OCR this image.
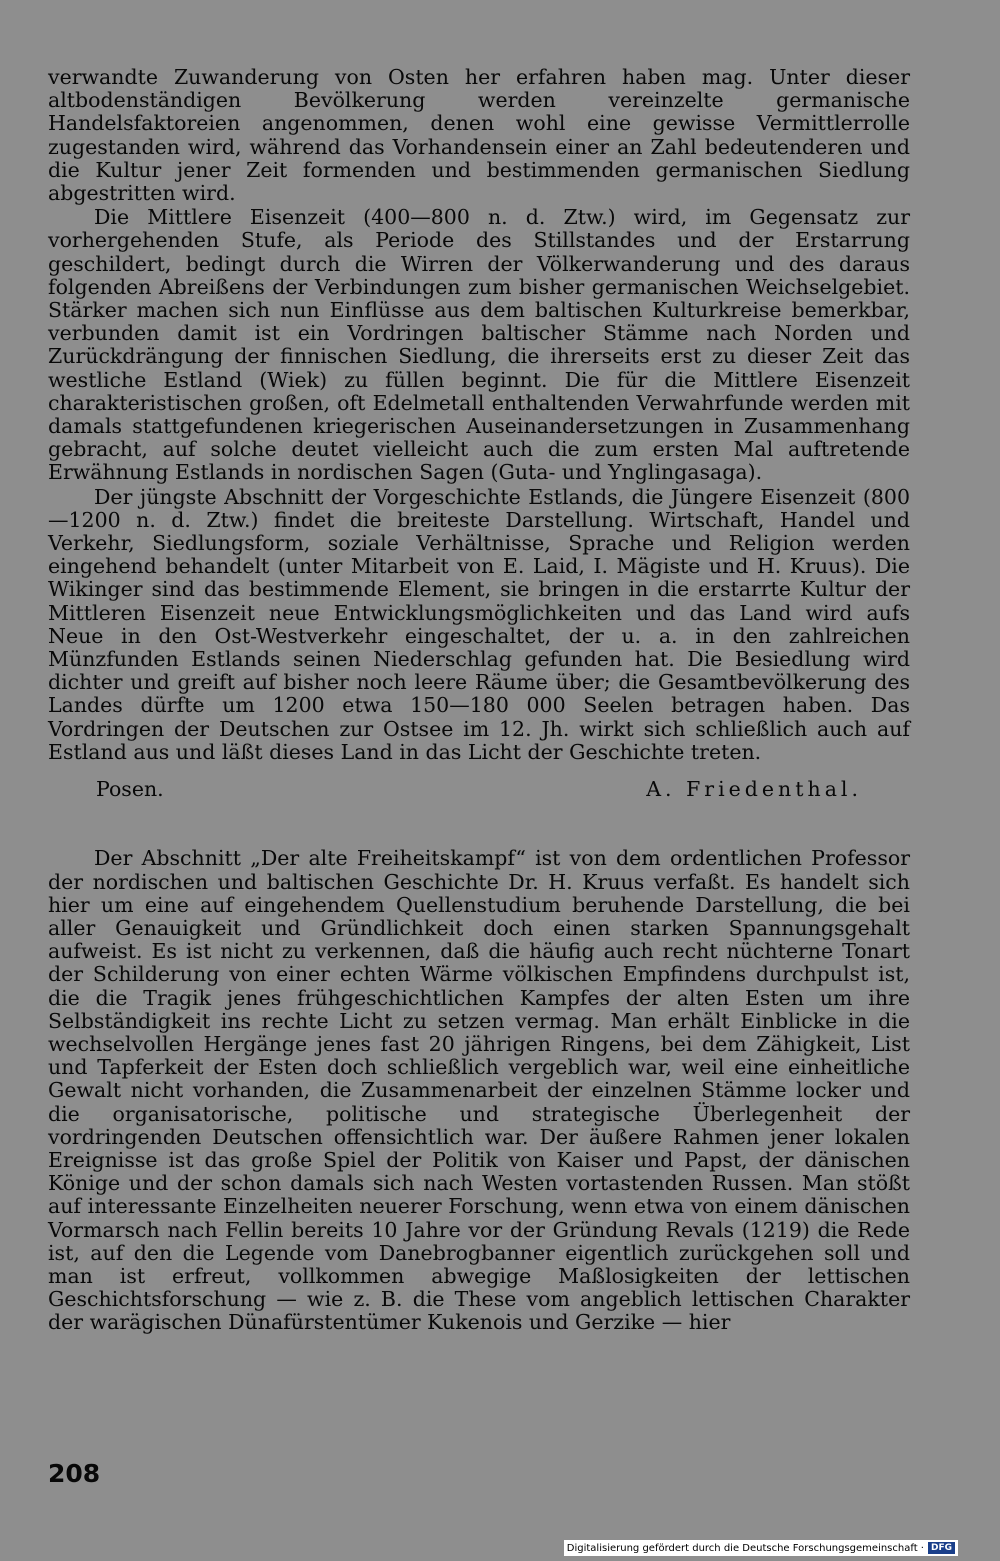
verwandte Zuwanderung von Osten her erfahren haben mag. Unter dieser altbodenständigen Bevölkerung werden vereinzelte germanische Handelsfaktoreien angenommen, denen wohl eine gewisse Vermittlerrolle zugestanden wird, während das Vorhandensein einer an Zahl bedeutenderen und die Kultur jener Zeit formenden und bestimmenden germanischen Siedlung abgestritten wird.

Die Mittlere Eisenzeit (400—800 n. d. Ztw.) wird, im Gegensatz zur vorhergehenden Stufe, als Periode des Stillstandes und der Erstarrung geschildert, bedingt durch die Wirren der Völkerwanderung und des daraus folgenden Abreißens der Verbindungen zum bisher germanischen Weichselgebiet. Stärker machen sich nun Einflüsse aus dem baltischen Kulturkreise bemerkbar, verbunden damit ist ein Vordringen baltischer Stämme nach Norden und Zurückdrängung der finnischen Siedlung, die ihrerseits erst zu dieser Zeit das westliche Estland (Wiek) zu füllen beginnt. Die für die Mittlere Eisenzeit charakteristischen großen, oft Edelmetall enthaltenden Verwahrfunde werden mit damals stattgefundenen kriegerischen Auseinandersetzungen in Zusammenhang gebracht, auf solche deutet vielleicht auch die zum ersten Mal auftretende Erwähnung Estlands in nordischen Sagen (Guta- und Ynglingasaga).

Der jüngste Abschnitt der Vorgeschichte Estlands, die Jüngere Eisenzeit (800—1200 n. d. Ztw.) findet die breiteste Darstellung. Wirtschaft, Handel und Verkehr, Siedlungsform, soziale Verhältnisse, Sprache und Religion werden eingehend behandelt (unter Mitarbeit von E. Laid, I. Mägiste und H. Kruus). Die Wikinger sind das bestimmende Element, sie bringen in die erstarrte Kultur der Mittleren Eisenzeit neue Entwicklungsmöglichkeiten und das Land wird aufs Neue in den Ost-Westverkehr eingeschaltet, der u. a. in den zahlreichen Münzfunden Estlands seinen Niederschlag gefunden hat. Die Besiedlung wird dichter und greift auf bisher noch leere Räume über; die Gesamtbevölkerung des Landes dürfte um 1200 etwa 150—180 000 Seelen betragen haben. Das Vordringen der Deutschen zur Ostsee im 12. Jh. wirkt sich schließlich auch auf Estland aus und läßt dieses Land in das Licht der Geschichte treten.

Posen.	A. Friedenthal.

Der Abschnitt „Der alte Freiheitskampf“ ist von dem ordentlichen Professor der nordischen und baltischen Geschichte Dr. H. Kruus verfaßt. Es handelt sich hier um eine auf eingehendem Quellenstudium beruhende Darstellung, die bei aller Genauigkeit und Gründlichkeit doch einen starken Spannungsgehalt aufweist. Es ist nicht zu verkennen, daß die häufig auch recht nüchterne Tonart der Schilderung von einer echten Wärme völkischen Empfindens durchpulst ist, die die Tragik jenes frühgeschichtlichen Kampfes der alten Esten um ihre Selbständigkeit ins rechte Licht zu setzen vermag. Man erhält Einblicke in die wechselvollen Hergänge jenes fast 20 jährigen Ringens, bei dem Zähigkeit, List und Tapferkeit der Esten doch schließlich vergeblich war, weil eine einheitliche Gewalt nicht vorhanden, die Zusammenarbeit der einzelnen Stämme locker und die organisatorische, politische und strategische Überlegenheit der vordringenden Deutschen offensichtlich war. Der äußere Rahmen jener lokalen Ereignisse ist das große Spiel der Politik von Kaiser und Papst, der dänischen Könige und der schon damals sich nach Westen vortastenden Russen. Man stößt auf interessante Einzelheiten neuerer Forschung, wenn etwa von einem dänischen Vormarsch nach Fellin bereits 10 Jahre vor der Gründung Revals (1219) die Rede ist, auf den die Legende vom Danebrogbanner eigentlich zurückgehen soll und man ist erfreut, vollkommen abwegige Maßlosigkeiten der lettischen Geschichtsforschung — wie z. B. die These vom angeblich lettischen Charakter der warägischen Dünafürstentümer Kukenois und Gerzike — hier

208
Digitalisierung gefördert durch die Deutsche Forschungsgemeinschaft · DFG
